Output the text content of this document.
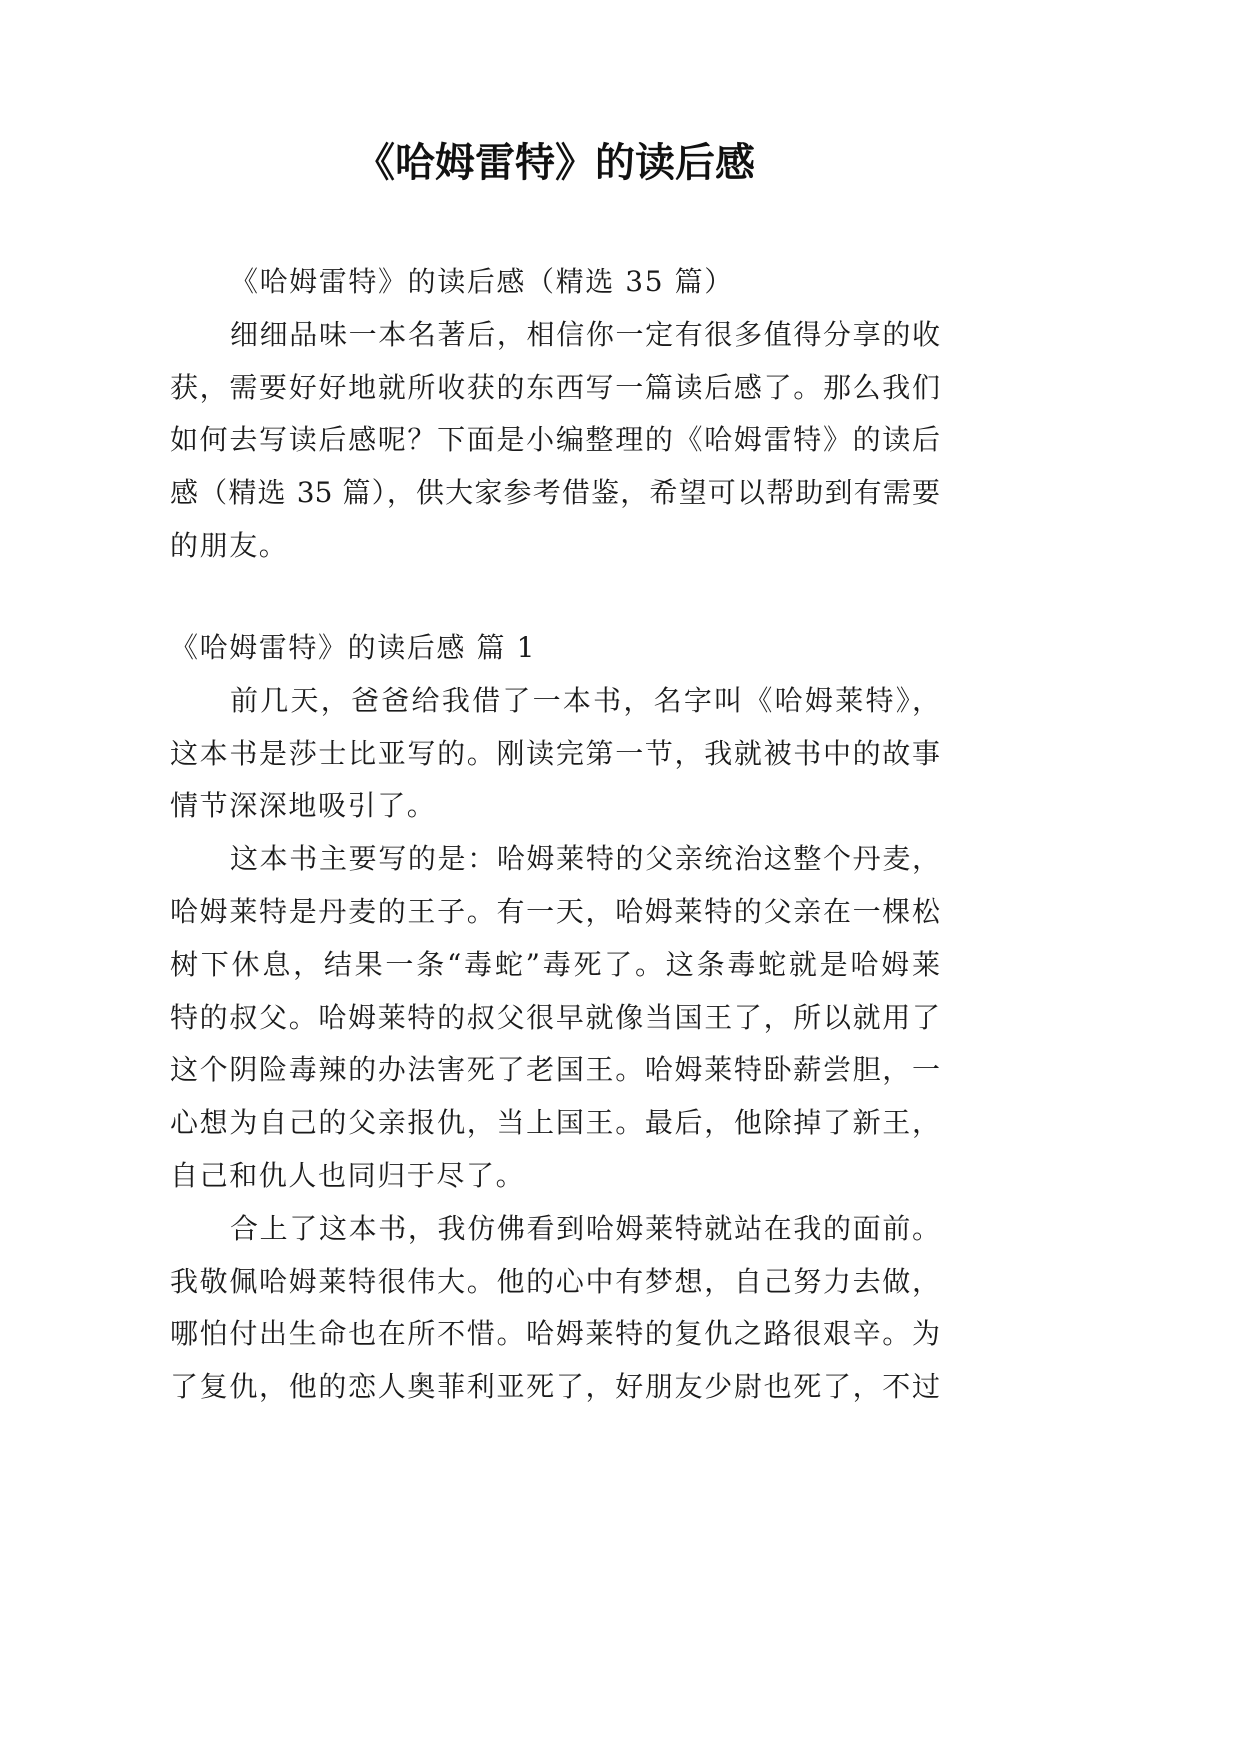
《哈姆雷特》的读后感
《哈姆雷特》的读后感（精选 35 篇）
细细品味一本名著后，相信你一定有很多值得分享的收
获，需要好好地就所收获的东西写一篇读后感了。那么我们
如何去写读后感呢？下面是小编整理的《哈姆雷特》的读后
感（精选 35 篇），供大家参考借鉴，希望可以帮助到有需要
的朋友。
《哈姆雷特》的读后感 篇 1
前几天，爸爸给我借了一本书，名字叫《哈姆莱特》，
这本书是莎士比亚写的。刚读完第一节，我就被书中的故事
情节深深地吸引了。
这本书主要写的是：哈姆莱特的父亲统治这整个丹麦，
哈姆莱特是丹麦的王子。有一天，哈姆莱特的父亲在一棵松
树下休息，结果一条“毒蛇”毒死了。这条毒蛇就是哈姆莱
特的叔父。哈姆莱特的叔父很早就像当国王了，所以就用了
这个阴险毒辣的办法害死了老国王。哈姆莱特卧薪尝胆，一
心想为自己的父亲报仇，当上国王。最后，他除掉了新王，
自己和仇人也同归于尽了。
合上了这本书，我仿佛看到哈姆莱特就站在我的面前。
我敬佩哈姆莱特很伟大。他的心中有梦想，自己努力去做，
哪怕付出生命也在所不惜。哈姆莱特的复仇之路很艰辛。为
了复仇，他的恋人奥菲利亚死了，好朋友少尉也死了，不过
